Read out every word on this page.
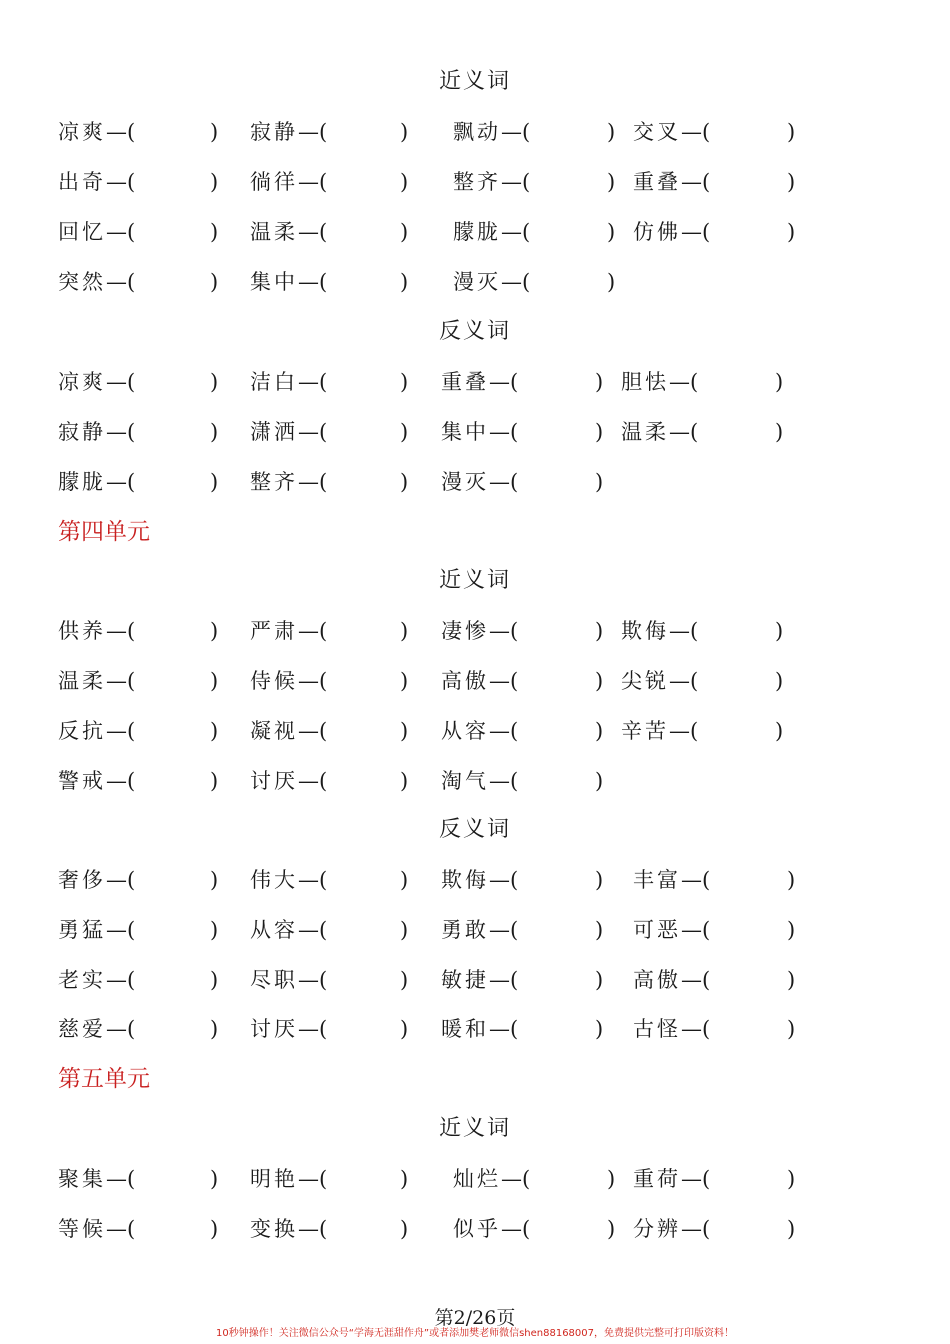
近义词
凉爽—(	) 寂静—(	) 飘动—(	) 交叉—(	)
出奇—(	) 徜徉—(	) 整齐—(	) 重叠—(	)
回忆—(	) 温柔—(	) 朦胧—(	) 仿佛—(	)
突然—(	) 集中—(	) 漫灭—(	)
反义词
凉爽—(	) 洁白—(	) 重叠—(	) 胆怯—(	)
寂静—(	) 潇洒—(	) 集中—(	) 温柔—(	)
朦胧—(	) 整齐—(	) 漫灭—(	)
第四单元
近义词
供养—(	) 严肃—(	) 凄惨—(	) 欺侮—(	)
温柔—(	) 侍候—(	) 高傲—(	) 尖锐—(	)
反抗—(	) 凝视—(	) 从容—(	) 辛苦—(	)
警戒—(	) 讨厌—(	) 淘气—(	)
反义词
奢侈—(	) 伟大—(	) 欺侮—(	) 丰富—(	)
勇猛—(	) 从容—(	) 勇敢—(	) 可恶—(	)
老实—(	) 尽职—(	) 敏捷—(	) 高傲—(	)
慈爱—(	) 讨厌—(	) 暖和—(	) 古怪—(	)
第五单元
近义词
聚集—(	) 明艳—(	) 灿烂—(	) 重荷—(	)
等候—(	) 变换—(	) 似乎—(	) 分辨—(	)
第2/26页
10秒钟操作！关注微信公众号“学海无涯甜作舟”或者添加樊老师微信shen88168007，免费提供完整可打印版资料！
